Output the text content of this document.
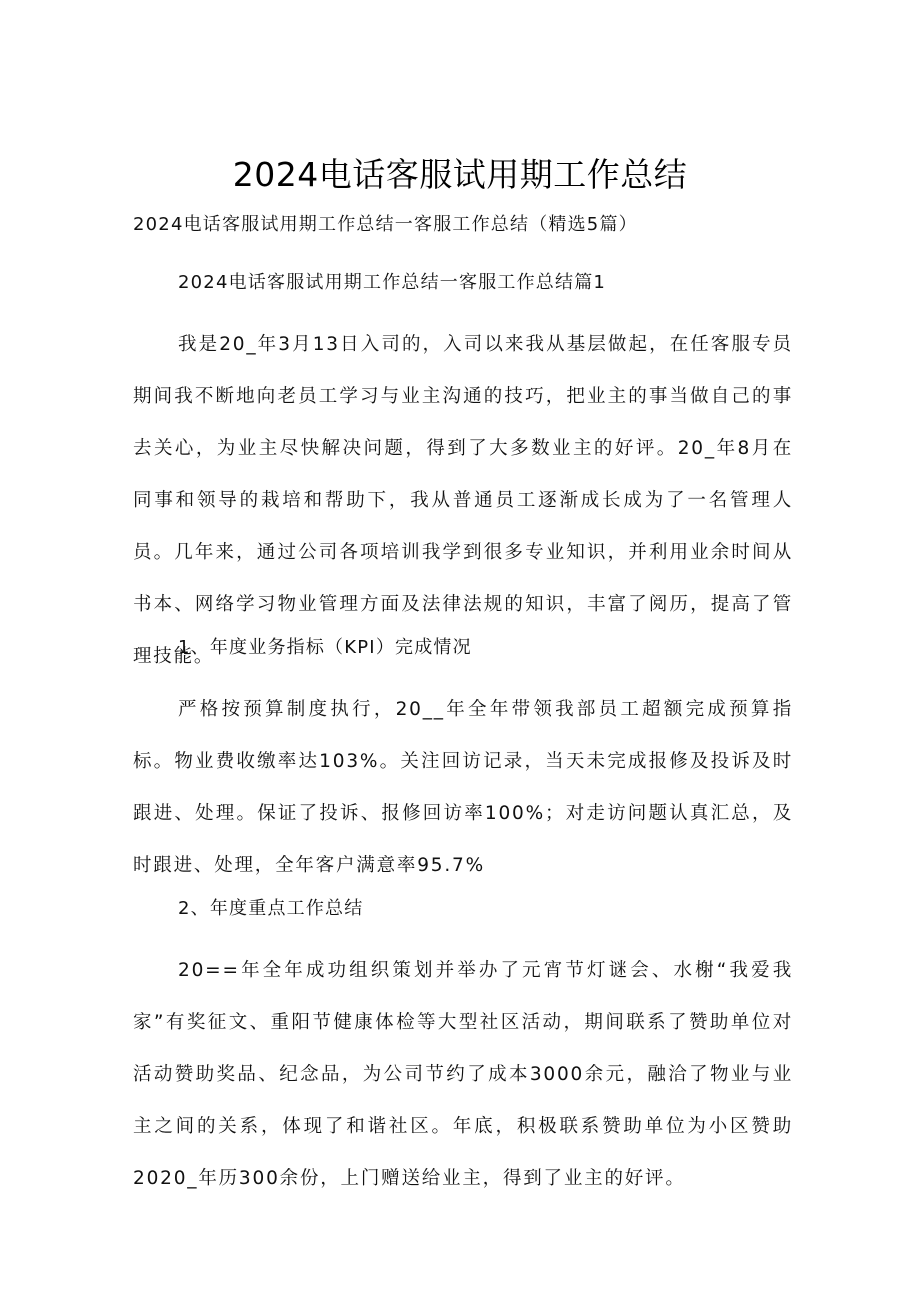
2024电话客服试用期工作总结
2024电话客服试用期工作总结一客服工作总结（精选5篇）
2024电话客服试用期工作总结一客服工作总结篇1
我是20_年3月13日入司的，入司以来我从基层做起，在任客服专员期间我不断地向老员工学习与业主沟通的技巧，把业主的事当做自己的事去关心，为业主尽快解决问题，得到了大多数业主的好评。20_年8月在同事和领导的栽培和帮助下，我从普通员工逐渐成长成为了一名管理人员。几年来，通过公司各项培训我学到很多专业知识，并利用业余时间从书本、网络学习物业管理方面及法律法规的知识，丰富了阅历，提高了管理技能。
1、年度业务指标（KPI）完成情况
严格按预算制度执行，20__年全年带领我部员工超额完成预算指标。物业费收缴率达103%。关注回访记录，当天未完成报修及投诉及时跟进、处理。保证了投诉、报修回访率100%；对走访问题认真汇总，及时跟进、处理，全年客户满意率95.7%
2、年度重点工作总结
20==年全年成功组织策划并举办了元宵节灯谜会、水榭“我爱我家”有奖征文、重阳节健康体检等大型社区活动，期间联系了赞助单位对活动赞助奖品、纪念品，为公司节约了成本3000余元，融洽了物业与业主之间的关系，体现了和谐社区。年底，积极联系赞助单位为小区赞助2020_年历300余份，上门赠送给业主，得到了业主的好评。
